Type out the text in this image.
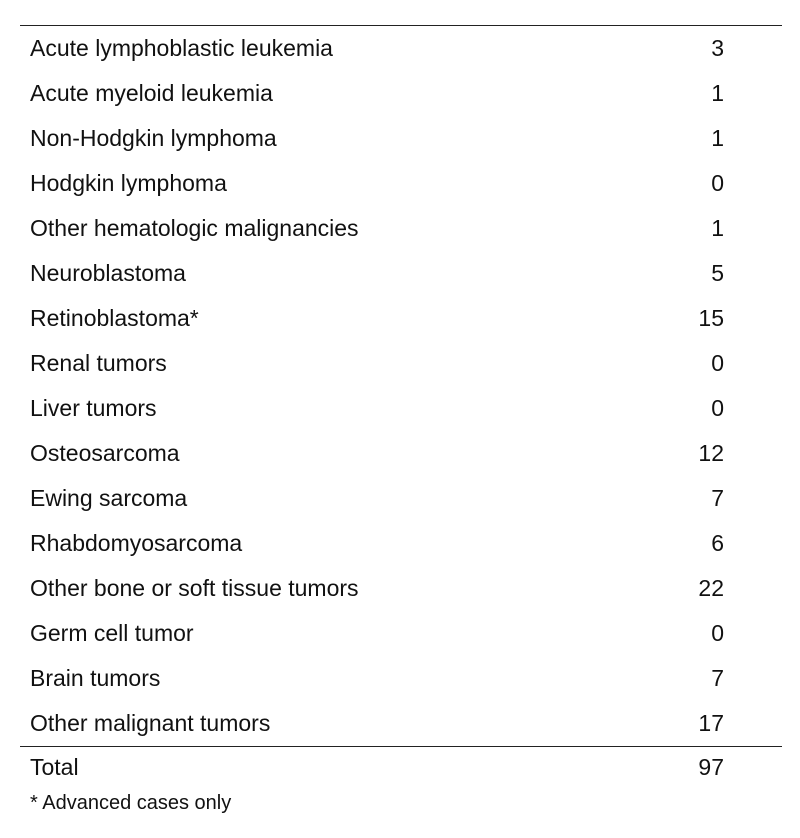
Acute lymphoblastic leukemia	3
Acute myeloid leukemia	1
Non-Hodgkin lymphoma	1
Hodgkin lymphoma	0
Other hematologic malignancies	1
Neuroblastoma	5
Retinoblastoma*	15
Renal tumors	0
Liver tumors	0
Osteosarcoma	12
Ewing sarcoma	7
Rhabdomyosarcoma	6
Other bone or soft tissue tumors	22
Germ cell tumor	0
Brain tumors	7
Other malignant tumors	17
Total	97
* Advanced cases only
